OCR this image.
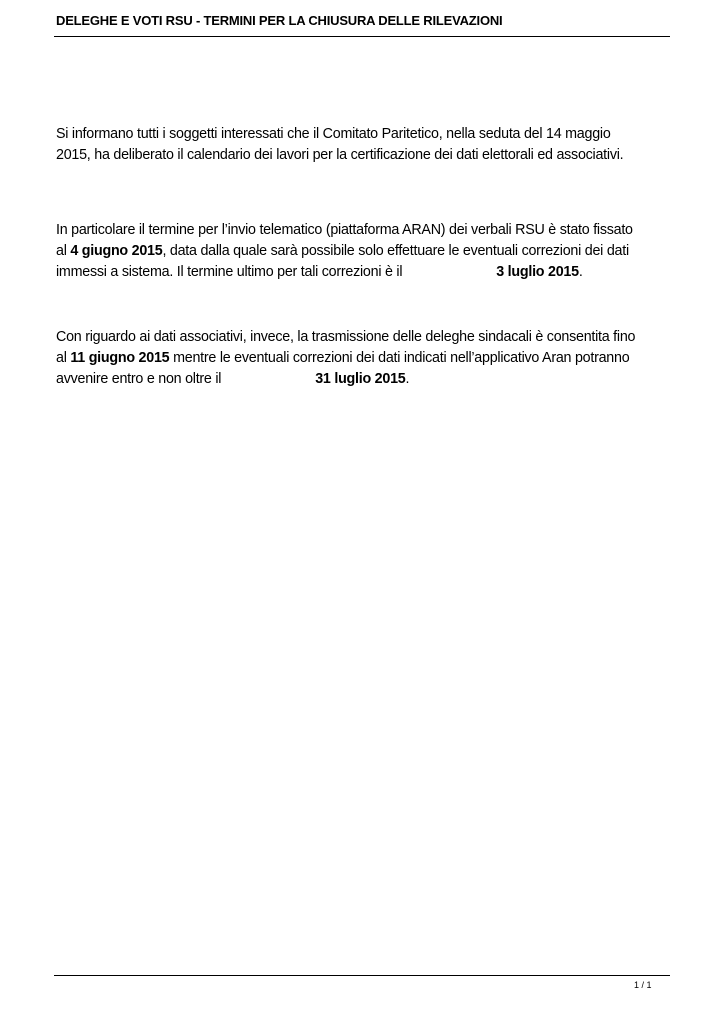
DELEGHE E VOTI RSU - TERMINI PER LA CHIUSURA DELLE RILEVAZIONI

Si informano tutti i soggetti interessati che il Comitato Paritetico, nella seduta del 14 maggio
2015, ha deliberato il calendario dei lavori per la certificazione dei dati elettorali ed associativi.

In particolare il termine per l’invio telematico (piattaforma ARAN) dei verbali RSU è stato fissato
al 4 giugno 2015, data dalla quale sarà possibile solo effettuare le eventuali correzioni dei dati
immessi a sistema. Il termine ultimo per tali correzioni è il	3 luglio 2015.

Con riguardo ai dati associativi, invece, la trasmissione delle deleghe sindacali è consentita fino
al 11 giugno 2015 mentre le eventuali correzioni dei dati indicati nell’applicativo Aran potranno
avvenire entro e non oltre il	31 luglio 2015.

1 / 1
